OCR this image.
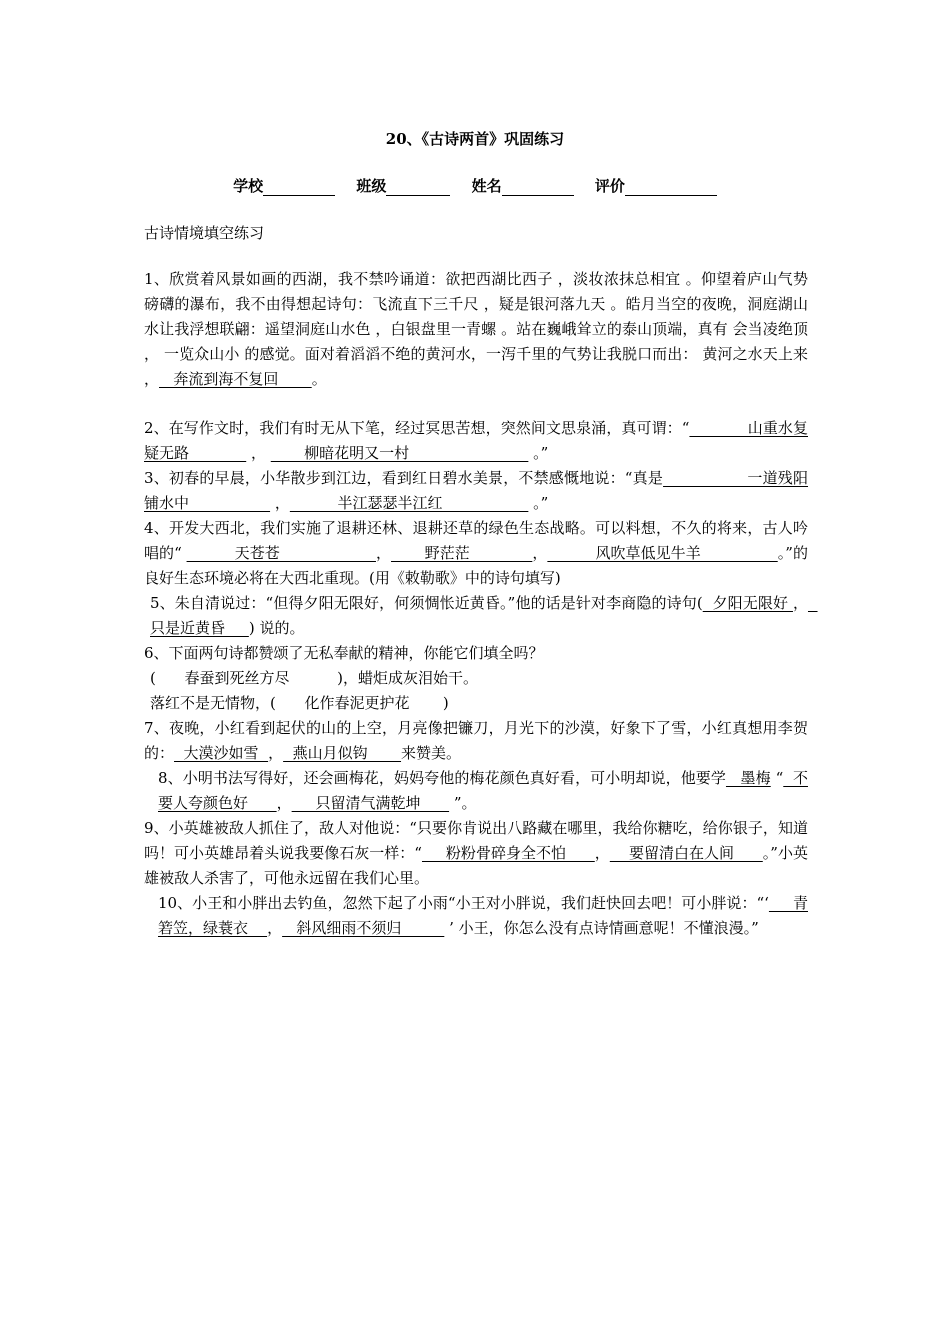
20、《古诗两首》巩固练习
学校	班级	姓名	评价
古诗情境填空练习

1、欣赏着风景如画的西湖，我不禁吟诵道：欲把西湖比西子 ，淡妆浓抹总相宜 。仰望着庐山气势磅礴的瀑布，我不由得想起诗句：飞流直下三千尺 ，疑是银河落九天 。皓月当空的夜晚，洞庭湖山水让我浮想联翩：遥望洞庭山水色 ，白银盘里一青螺 。站在巍峨耸立的泰山顶端，真有 会当凌绝顶 ， 一览众山小 的感觉。面对着滔滔不绝的黄河水，一泻千里的气势让我脱口而出： 黄河之水天上来 ，   奔流到海不复回       。

2、在写作文时，我们有时无从下笔，经过冥思苦想，突然间文思泉涌，真可谓：“            山重水复疑无路             ，        柳暗花明又一村                          。”

3、初春的早晨，小华散步到江边，看到红日碧水美景，不禁感慨地说：“真是                 一道残阳铺水中                  ，          半江瑟瑟半江红                   。”

4、开发大西北，我们实施了退耕还林、退耕还草的绿色生态战略。可以料想，不久的将来，古人吟唱的“           天苍苍                    ，       野茫茫             ，          风吹草低见牛羊                。”的良好生态环境必将在大西北重现。(用《敕勒歌》中的诗句填写)

5、朱自清说过：“但得夕阳无限好，何须惆怅近黄昏。”他的话是针对李商隐的诗句(  夕阳无限好 ，  只是近黄昏     ) 说的。

6、下面两句诗都赞颂了无私奉献的精神，你能它们填全吗？

(      春蚕到死丝方尽          )，蜡炬成灰泪始干。

落红不是无情物，(      化作春泥更护花       )

7、夜晚，小红看到起伏的山的上空，月亮像把镰刀，月光下的沙漠，好象下了雪，小红真想用李贺的：  大漠沙如雪  ，  燕山月似钩       来赞美。

8、小明书法写得好，还会画梅花，妈妈夸他的梅花颜色真好看，可小明却说，他要学   墨梅 “  不要人夸颜色好      ，     只留清气满乾坤       ”。

9、小英雄被敌人抓住了，敌人对他说：“只要你肯说出八路藏在哪里，我给你糖吃，给你银子，知道吗！可小英雄昂着头说我要像石灰一样：“     粉粉骨碎身全不怕      ，    要留清白在人间      。”小英雄被敌人杀害了，可他永远留在我们心里。

10、小王和小胖出去钓鱼，忽然下起了小雨“小王对小胖说，我们赶快回去吧！可小胖说：“‘     青箬笠，绿蓑衣    ，   斜风细雨不须归          ’ 小王，你怎么没有点诗情画意呢！不懂浪漫。”
